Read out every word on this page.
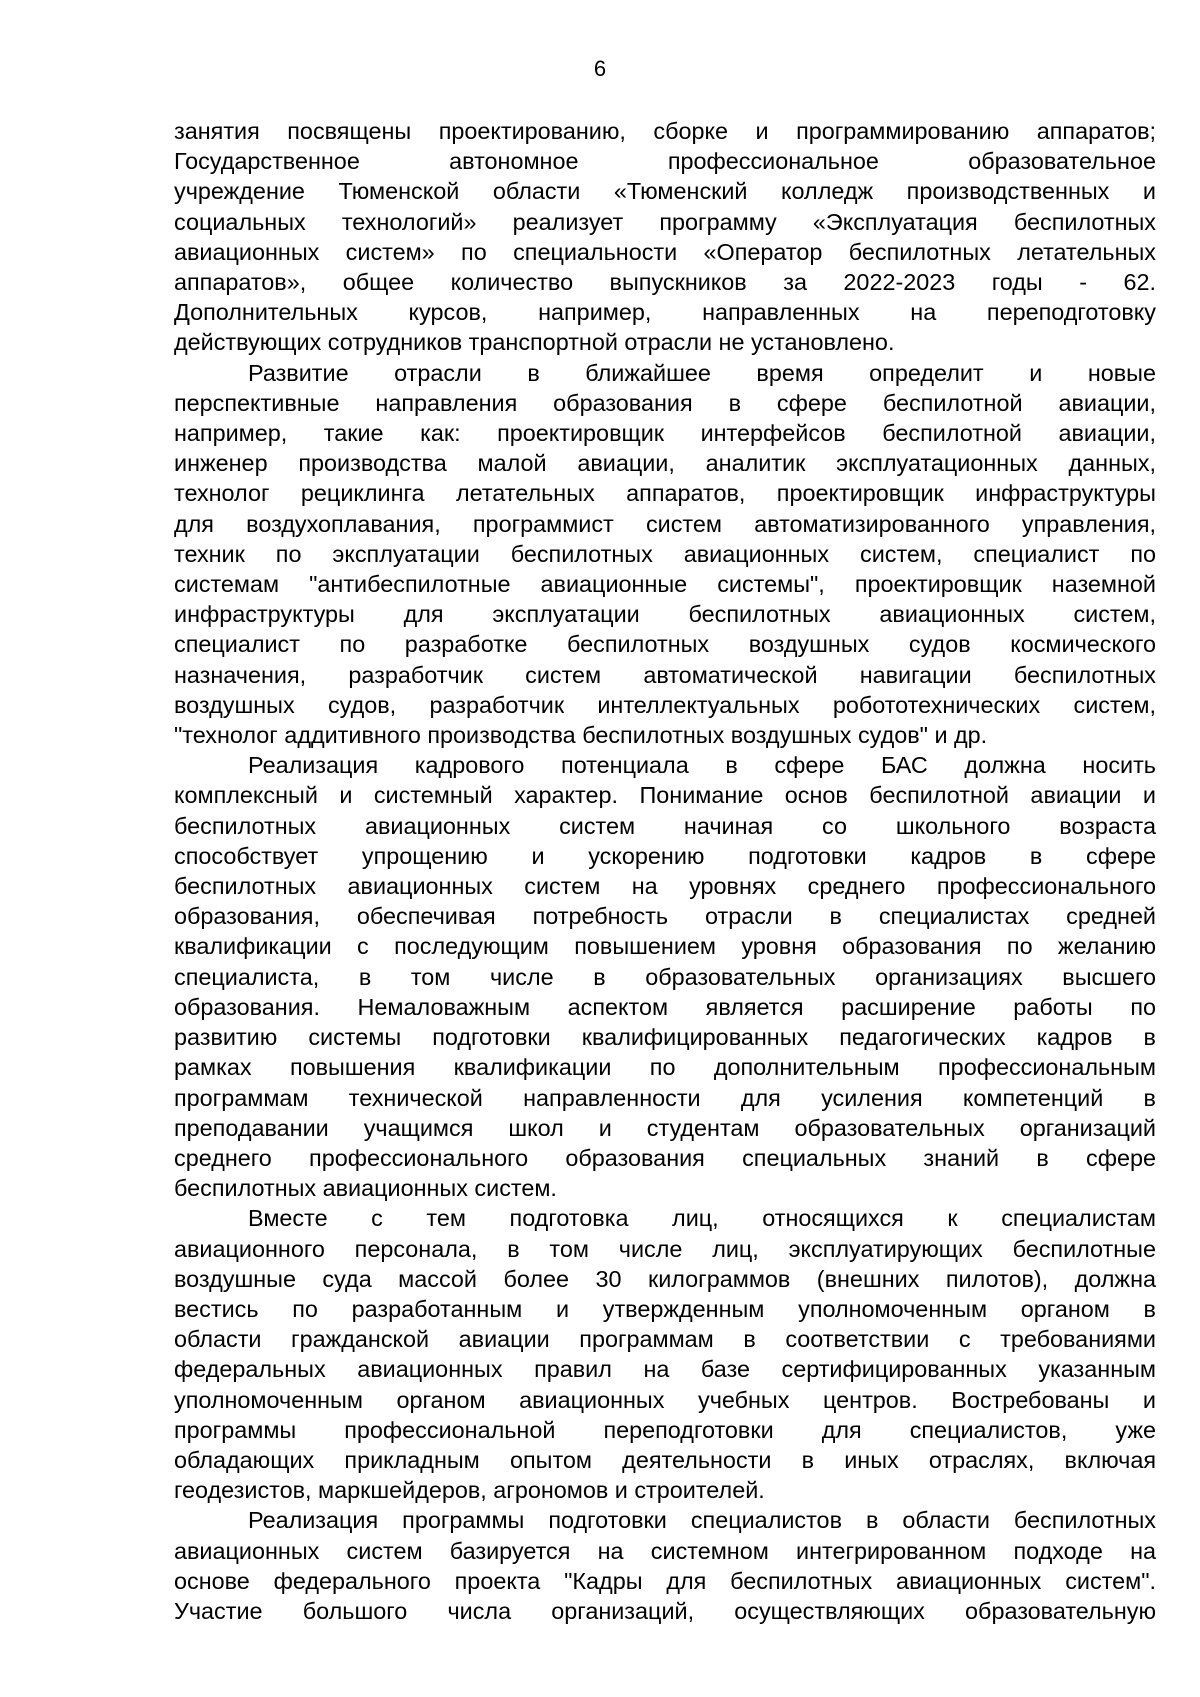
6
занятия посвящены проектированию, сборке и программированию аппаратов;
Государственное автономное профессиональное образовательное
учреждение Тюменской области «Тюменский колледж производственных и
социальных технологий» реализует программу «Эксплуатация беспилотных
авиационных систем» по специальности «Оператор беспилотных летательных
аппаратов», общее количество выпускников за 2022-2023 годы - 62.
Дополнительных курсов, например, направленных на переподготовку
действующих сотрудников транспортной отрасли не установлено.
Развитие отрасли в ближайшее время определит и новые
перспективные направления образования в сфере беспилотной авиации,
например, такие как: проектировщик интерфейсов беспилотной авиации,
инженер производства малой авиации, аналитик эксплуатационных данных,
технолог рециклинга летательных аппаратов, проектировщик инфраструктуры
для воздухоплавания, программист систем автоматизированного управления,
техник по эксплуатации беспилотных авиационных систем, специалист по
системам "антибеспилотные авиационные системы", проектировщик наземной
инфраструктуры для эксплуатации беспилотных авиационных систем,
специалист по разработке беспилотных воздушных судов космического
назначения, разработчик систем автоматической навигации беспилотных
воздушных судов, разработчик интеллектуальных робототехнических систем,
"технолог аддитивного производства беспилотных воздушных судов" и др.
Реализация кадрового потенциала в сфере БАС должна носить
комплексный и системный характер. Понимание основ беспилотной авиации и
беспилотных авиационных систем начиная со школьного возраста
способствует упрощению и ускорению подготовки кадров в сфере
беспилотных авиационных систем на уровнях среднего профессионального
образования, обеспечивая потребность отрасли в специалистах средней
квалификации с последующим повышением уровня образования по желанию
специалиста, в том числе в образовательных организациях высшего
образования. Немаловажным аспектом является расширение работы по
развитию системы подготовки квалифицированных педагогических кадров в
рамках повышения квалификации по дополнительным профессиональным
программам технической направленности для усиления компетенций в
преподавании учащимся школ и студентам образовательных организаций
среднего профессионального образования специальных знаний в сфере
беспилотных авиационных систем.
Вместе с тем подготовка лиц, относящихся к специалистам
авиационного персонала, в том числе лиц, эксплуатирующих беспилотные
воздушные суда массой более 30 килограммов (внешних пилотов), должна
вестись по разработанным и утвержденным уполномоченным органом в
области гражданской авиации программам в соответствии с требованиями
федеральных авиационных правил на базе сертифицированных указанным
уполномоченным органом авиационных учебных центров. Востребованы и
программы профессиональной переподготовки для специалистов, уже
обладающих прикладным опытом деятельности в иных отраслях, включая
геодезистов, маркшейдеров, агрономов и строителей.
Реализация программы подготовки специалистов в области беспилотных
авиационных систем базируется на системном интегрированном подходе на
основе федерального проекта "Кадры для беспилотных авиационных систем".
Участие большого числа организаций, осуществляющих образовательную
